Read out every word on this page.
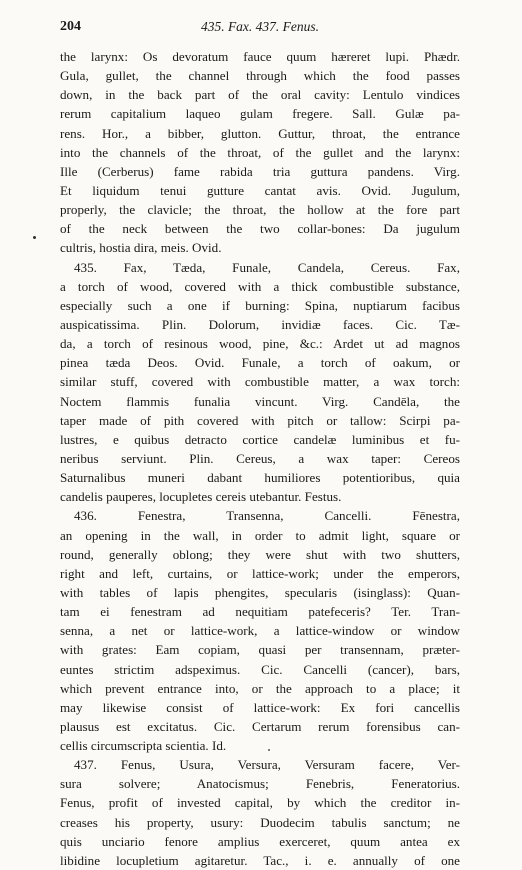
204	435. Fax. 437. Fenus.
the larynx: Os devoratum fauce quum hæreret lupi. Phædr.
Gula, gullet, the channel through which the food passes
down, in the back part of the oral cavity: Lentulo vindices
rerum capitalium laqueo gulam fregere. Sall. Gulæ pa-
rens. Hor., a bibber, glutton. Guttur, throat, the entrance
into the channels of the throat, of the gullet and the larynx:
Ille (Cerberus) fame rabida tria guttura pandens. Virg.
Et liquidum tenui gutture cantat avis. Ovid. Jugulum,
properly, the clavicle; the throat, the hollow at the fore part
of the neck between the two collar-bones: Da jugulum
cultris, hostia dira, meis. Ovid.
435. Fax, Tæda, Funale, Candela, Cereus. Fax,
a torch of wood, covered with a thick combustible substance,
especially such a one if burning: Spina, nuptiarum facibus
auspicatissima. Plin. Dolorum, invidiæ faces. Cic. Tæ-
da, a torch of resinous wood, pine, &c.: Ardet ut ad magnos
pinea tæda Deos. Ovid. Funale, a torch of oakum, or
similar stuff, covered with combustible matter, a wax torch:
Noctem flammis funalia vincunt. Virg. Candēla, the
taper made of pith covered with pitch or tallow: Scirpi pa-
lustres, e quibus detracto cortice candelæ luminibus et fu-
neribus serviunt. Plin. Cereus, a wax taper: Cereos
Saturnalibus muneri dabant humiliores potentioribus, quia
candelis pauperes, locupletes cereis utebantur. Festus.
436. Fenestra, Transenna, Cancelli. Fēnestra,
an opening in the wall, in order to admit light, square or
round, generally oblong; they were shut with two shutters,
right and left, curtains, or lattice-work; under the emperors,
with tables of lapis phengites, specularis (isinglass): Quan-
tam ei fenestram ad nequitiam patefeceris? Ter. Tran-
senna, a net or lattice-work, a lattice-window or window
with grates: Eam copiam, quasi per transennam, præter-
euntes strictim adspeximus. Cic. Cancelli (cancer), bars,
which prevent entrance into, or the approach to a place; it
may likewise consist of lattice-work: Ex fori cancellis
plausus est excitatus. Cic. Certarum rerum forensibus can-
cellis circumscripta scientia. Id.
437. Fenus, Usura, Versura, Versuram facere, Ver-
sura solvere; Anatocismus; Fenebris, Feneratorius.
Fenus, profit of invested capital, by which the creditor in-
creases his property, usury: Duodecim tabulis sanctum; ne
quis unciario fenore amplius exerceret, quum antea ex
libidine locupletium agitaretur. Tac., i. e. annually of one
